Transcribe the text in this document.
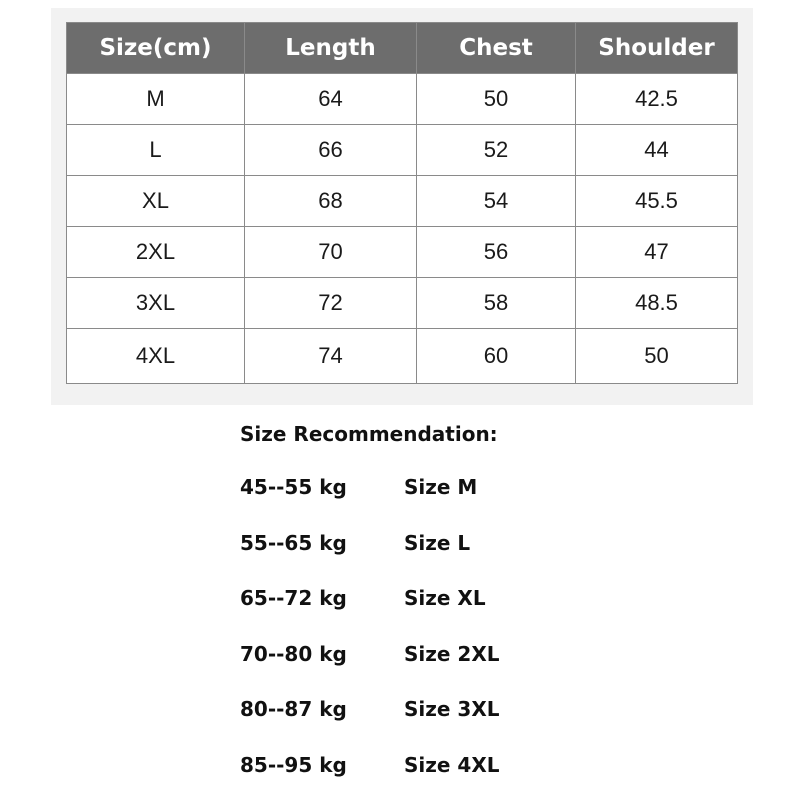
Size(cm)	Length	Chest	Shoulder
M	64	50	42.5
L	66	52	44
XL	68	54	45.5
2XL	70	56	47
3XL	72	58	48.5
4XL	74	60	50
Size Recommendation:
45--55 kg	Size M
55--65 kg	Size L
65--72 kg	Size XL
70--80 kg	Size 2XL
80--87 kg	Size 3XL
85--95 kg	Size 4XL
